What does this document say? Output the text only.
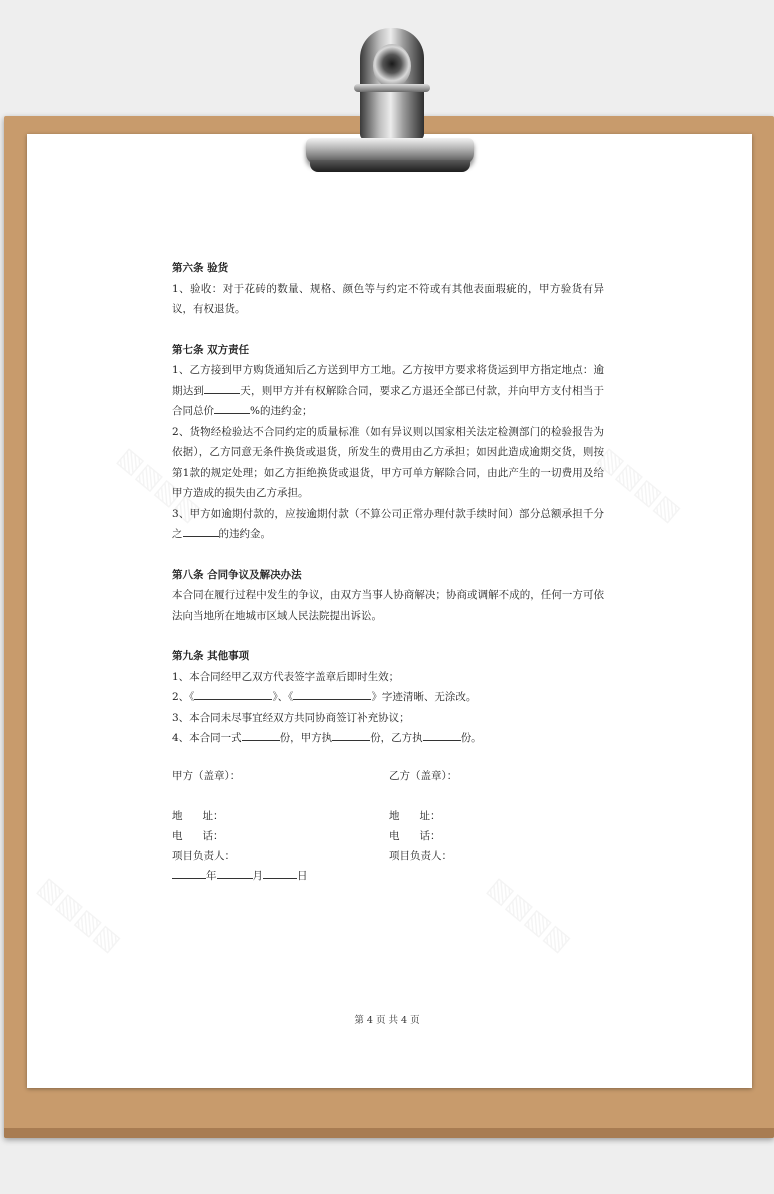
▧▧▧▧	▧▧▧▧
▧▧▧▧	▧▧▧▧

第六条 验货

1、验收：对于花砖的数量、规格、颜色等与约定不符或有其他表面瑕疵的，甲方验货有异议，有权退货。

第七条 双方责任

1、乙方接到甲方购货通知后乙方送到甲方工地。乙方按甲方要求将货运到甲方指定地点：逾期达到	天，则甲方并有权解除合同，要求乙方退还全部已付款，并向甲方支付相当于合同总价	%的违约金；

2、货物经检验达不合同约定的质量标准（如有异议则以国家相关法定检测部门的检验报告为依据），乙方同意无条件换货或退货，所发生的费用由乙方承担；如因此造成逾期交货，则按第1款的规定处理；如乙方拒绝换货或退货，甲方可单方解除合同，由此产生的一切费用及给甲方造成的损失由乙方承担。

3、甲方如逾期付款的，应按逾期付款（不算公司正常办理付款手续时间）部分总额承担千分之	的违约金。

第八条 合同争议及解决办法

本合同在履行过程中发生的争议，由双方当事人协商解决；协商或调解不成的，任何一方可依法向当地所在地城市区域人民法院提出诉讼。

第九条 其他事项

1、本合同经甲乙双方代表签字盖章后即时生效；

2、《	》、《	》字迹清晰、无涂改。

3、本合同未尽事宜经双方共同协商签订补充协议；

4、本合同一式	份，甲方执	份，乙方执	份。

甲方（盖章）：	乙方（盖章）：
地      址：	地      址：
电      话：	电      话：
项目负责人：	项目负责人：
年	月	日
第 4 页 共 4 页
